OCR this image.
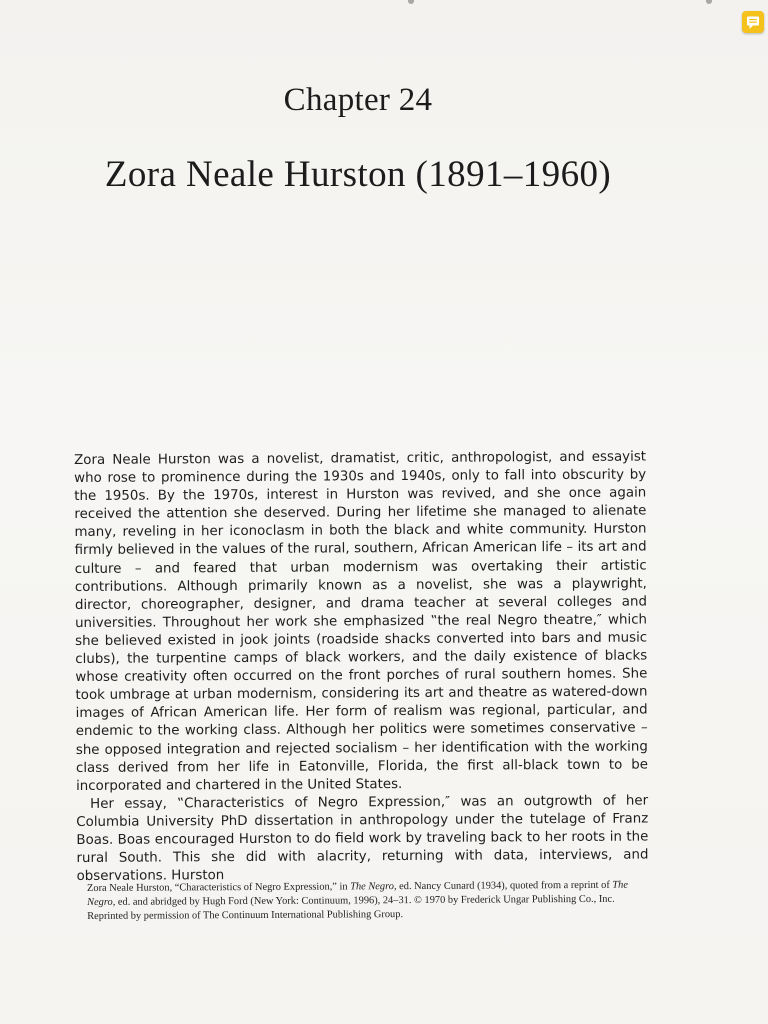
Chapter 24
Zora Neale Hurston (1891–1960)

Zora Neale Hurston was a novelist, dramatist, critic, anthropologist, and essayist who rose to prominence during the 1930s and 1940s, only to fall into obscurity by the 1950s. By the 1970s, interest in Hurston was revived, and she once again received the attention she deserved. During her lifetime she managed to alienate many, reveling in her iconoclasm in both the black and white community. Hurston firmly believed in the values of the rural, southern, African American life – its art and culture – and feared that urban modernism was overtaking their artistic contributions. Although primarily known as a novelist, she was a playwright, director, choreographer, designer, and drama teacher at several colleges and universities. Throughout her work she emphasized ‟the real Negro theatre,″ which she believed existed in jook joints (roadside shacks converted into bars and music clubs), the turpentine camps of black workers, and the daily existence of blacks whose creativity often occurred on the front porches of rural southern homes. She took umbrage at urban modernism, considering its art and theatre as watered-down images of African American life. Her form of realism was regional, particular, and endemic to the working class. Although her politics were sometimes conservative – she opposed integration and rejected socialism – her identification with the working class derived from her life in Eatonville, Florida, the first all-black town to be incorporated and chartered in the United States.

Her essay, ‟Characteristics of Negro Expression,″ was an outgrowth of her Columbia University PhD dissertation in anthropology under the tutelage of Franz Boas. Boas encouraged Hurston to do field work by traveling back to her roots in the rural South. This she did with alacrity, returning with data, interviews, and observations. Hurston

Zora Neale Hurston, “Characteristics of Negro Expression,” in The Negro, ed. Nancy Cunard (1934), quoted from a reprint of The Negro, ed. and abridged by Hugh Ford (New York: Continuum, 1996), 24–31. © 1970 by Frederick Ungar Publishing Co., Inc. Reprinted by permission of The Continuum International Publishing Group.
